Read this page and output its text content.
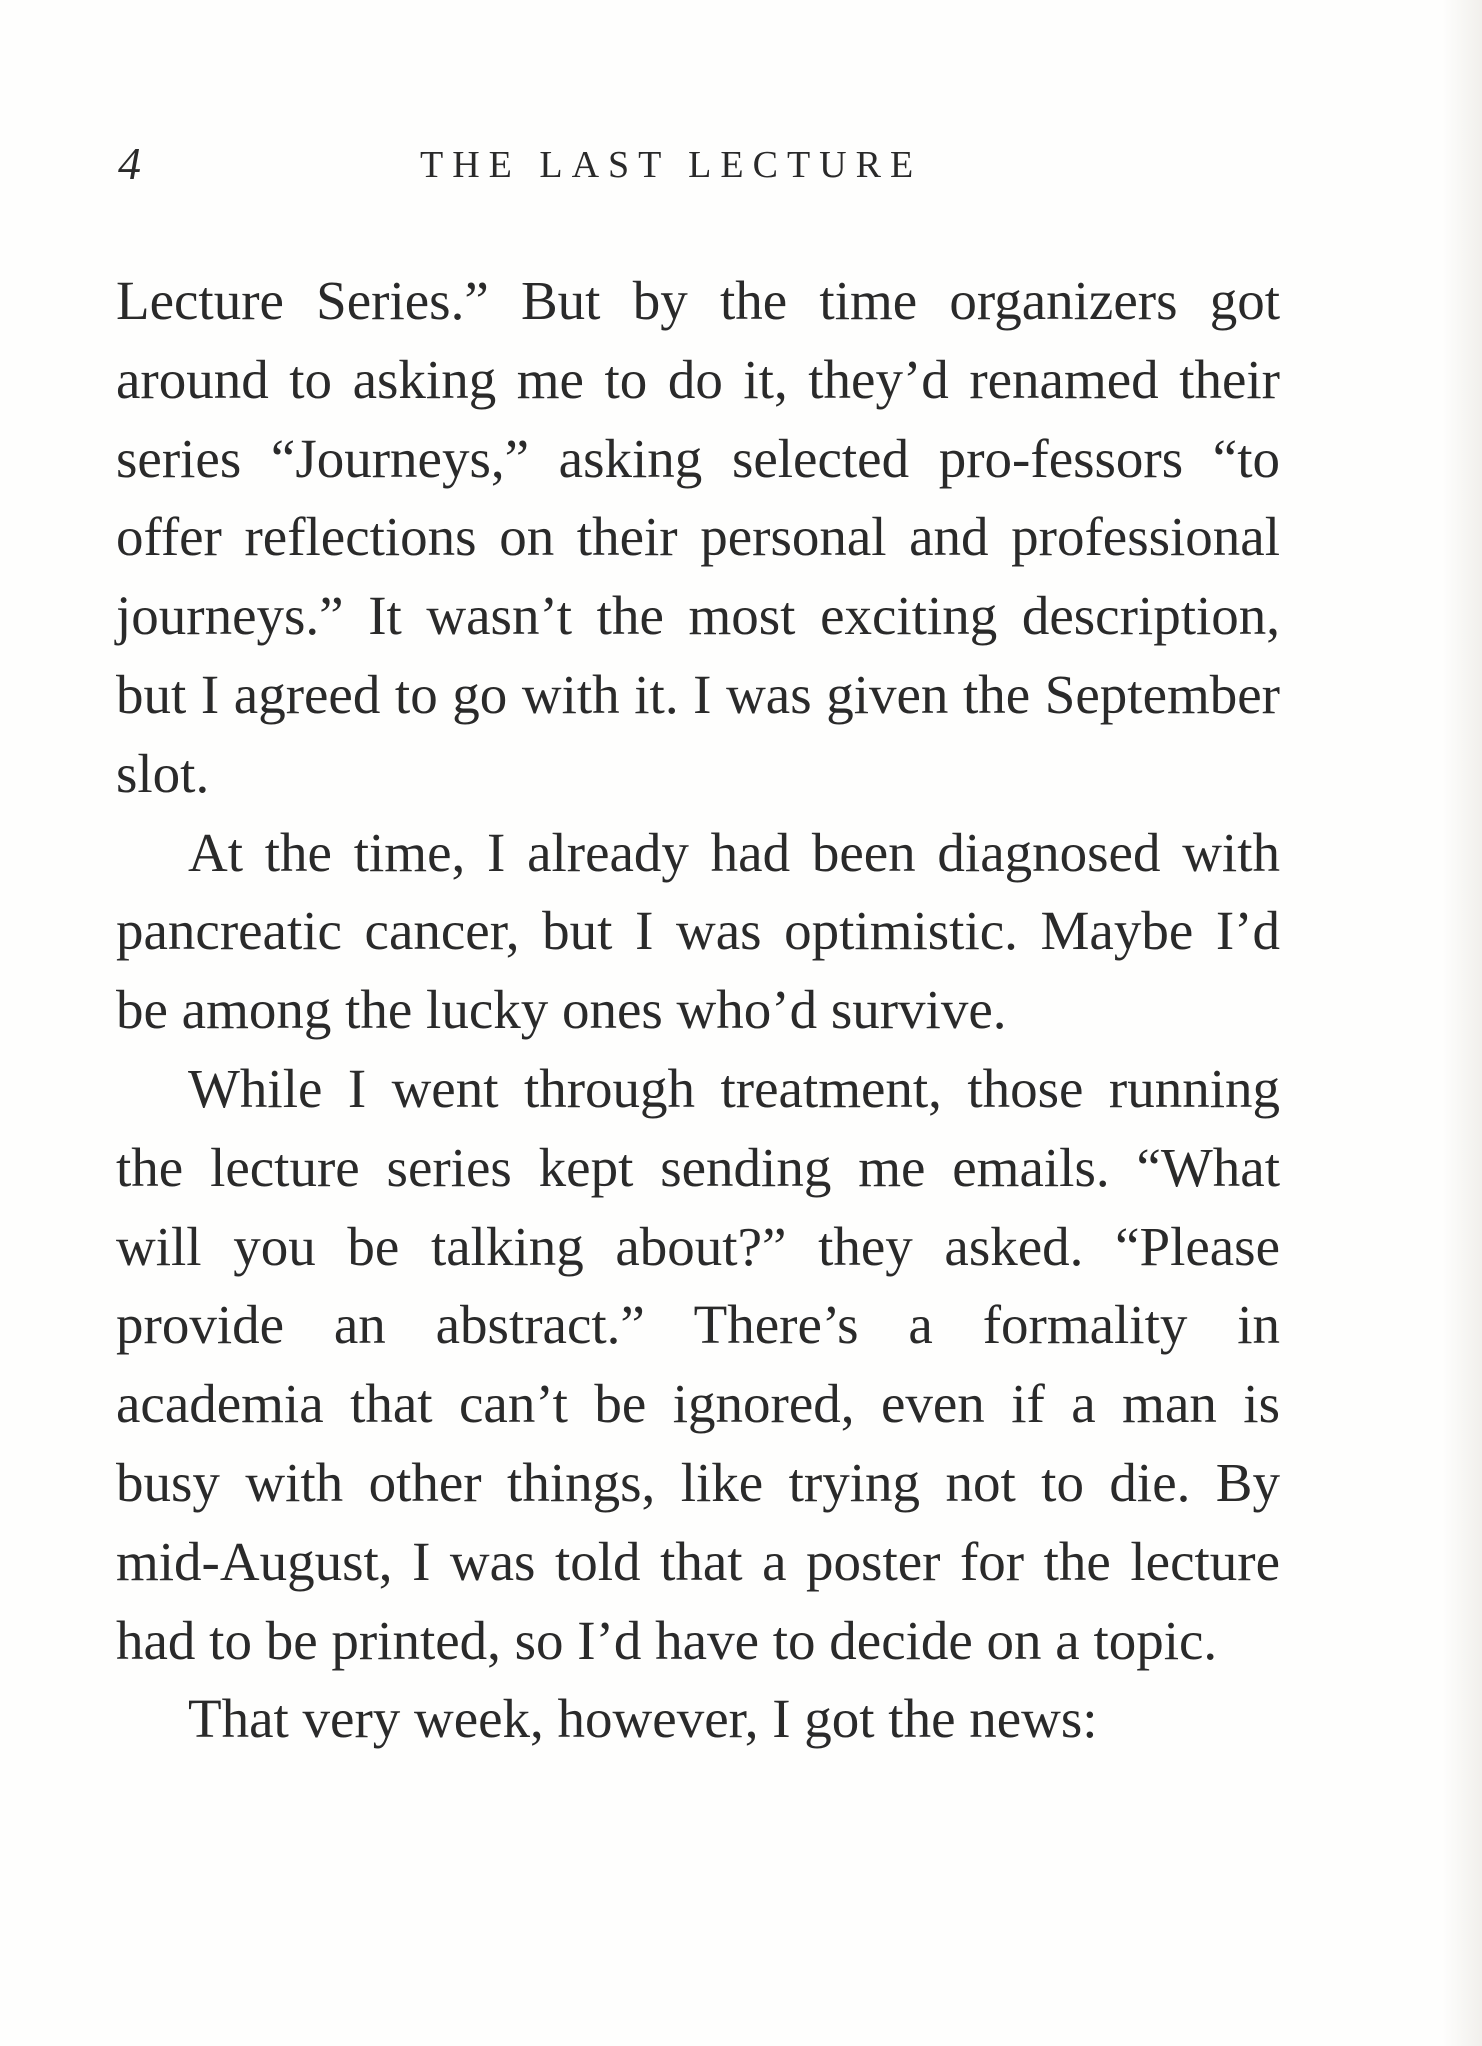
4	THE LAST LECTURE

Lecture Series.” But by the time organizers got around to asking me to do it, they’d renamed their series “Journeys,” asking selected pro-fessors “to offer reflections on their personal and professional journeys.” It wasn’t the most exciting description, but I agreed to go with it. I was given the September slot.

At the time, I already had been diagnosed with pancreatic cancer, but I was optimistic. Maybe I’d be among the lucky ones who’d survive.

While I went through treatment, those running the lecture series kept sending me emails. “What will you be talking about?” they asked. “Please provide an abstract.” There’s a formality in academia that can’t be ignored, even if a man is busy with other things, like trying not to die. By mid-August, I was told that a poster for the lecture had to be printed, so I’d have to decide on a topic.

That very week, however, I got the news:
